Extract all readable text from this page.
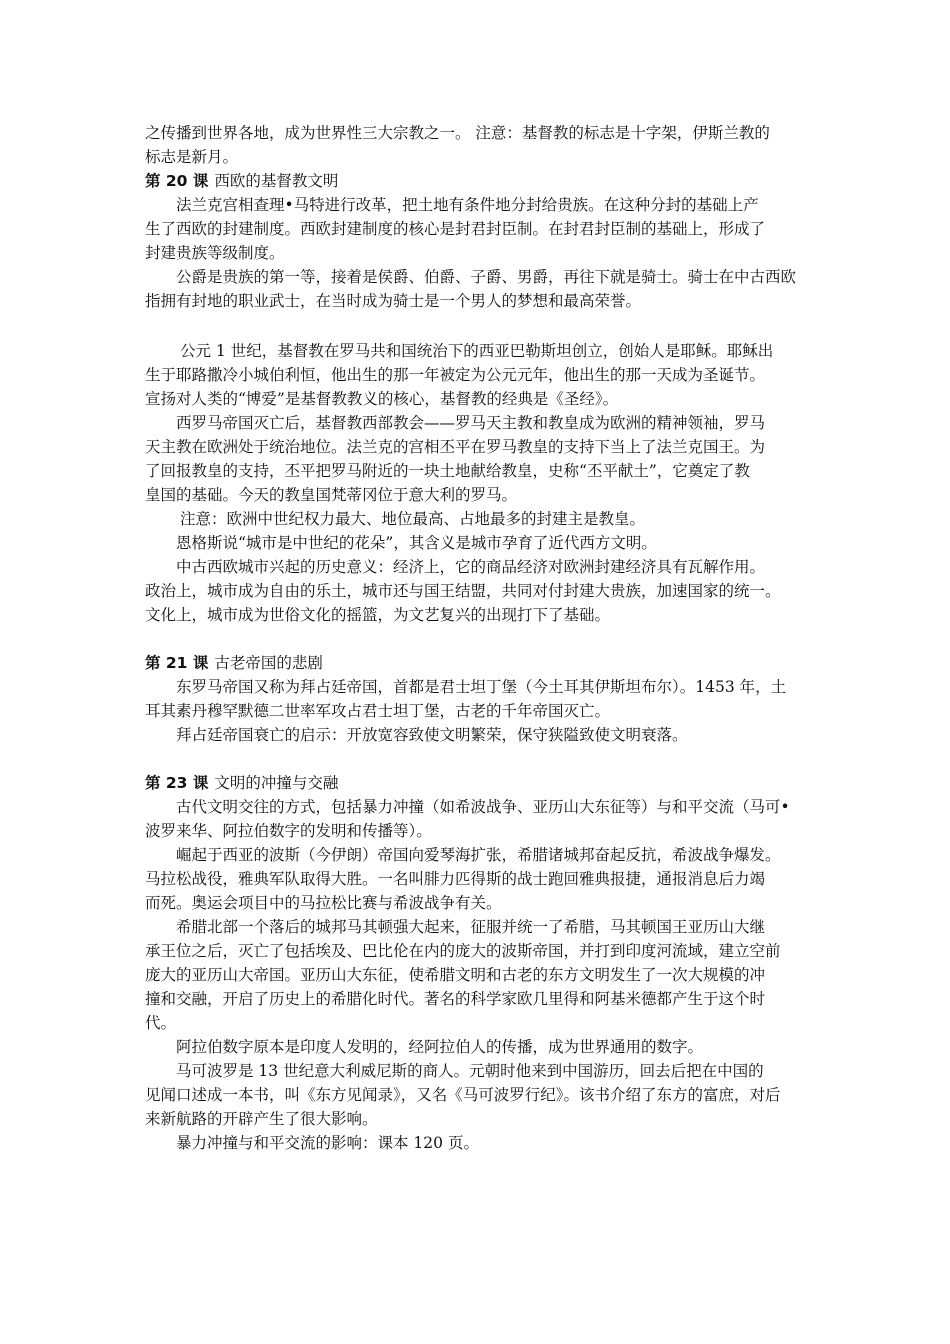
之传播到世界各地，成为世界性三大宗教之一。 注意：基督教的标志是十字架，伊斯兰教的
标志是新月。
第 20 课 西欧的基督教文明
法兰克宫相查理•马特进行改革，把土地有条件地分封给贵族。在这种分封的基础上产
生了西欧的封建制度。西欧封建制度的核心是封君封臣制。在封君封臣制的基础上，形成了
封建贵族等级制度。
公爵是贵族的第一等，接着是侯爵、伯爵、子爵、男爵，再往下就是骑士。骑士在中古西欧
指拥有封地的职业武士，在当时成为骑士是一个男人的梦想和最高荣誉。
公元 1 世纪，基督教在罗马共和国统治下的西亚巴勒斯坦创立，创始人是耶稣。耶稣出
生于耶路撒冷小城伯利恒，他出生的那一年被定为公元元年，他出生的那一天成为圣诞节。
宣扬对人类的“博爱”是基督教教义的核心，基督教的经典是《圣经》。
西罗马帝国灭亡后，基督教西部教会——罗马天主教和教皇成为欧洲的精神领袖，罗马
天主教在欧洲处于统治地位。法兰克的宫相丕平在罗马教皇的支持下当上了法兰克国王。为
了回报教皇的支持，丕平把罗马附近的一块土地献给教皇，史称“丕平献土”，它奠定了教
皇国的基础。今天的教皇国梵蒂冈位于意大利的罗马。
注意：欧洲中世纪权力最大、地位最高、占地最多的封建主是教皇。
恩格斯说“城市是中世纪的花朵”，其含义是城市孕育了近代西方文明。
中古西欧城市兴起的历史意义：经济上，它的商品经济对欧洲封建经济具有瓦解作用。
政治上，城市成为自由的乐土，城市还与国王结盟，共同对付封建大贵族，加速国家的统一。
文化上，城市成为世俗文化的摇篮，为文艺复兴的出现打下了基础。
第 21 课 古老帝国的悲剧
东罗马帝国又称为拜占廷帝国，首都是君士坦丁堡（今土耳其伊斯坦布尔）。1453 年，土
耳其素丹穆罕默德二世率军攻占君士坦丁堡，古老的千年帝国灭亡。
拜占廷帝国衰亡的启示：开放宽容致使文明繁荣，保守狭隘致使文明衰落。
第 23 课 文明的冲撞与交融
古代文明交往的方式，包括暴力冲撞（如希波战争、亚历山大东征等）与和平交流（马可•
波罗来华、阿拉伯数字的发明和传播等）。
崛起于西亚的波斯（今伊朗）帝国向爱琴海扩张，希腊诸城邦奋起反抗，希波战争爆发。
马拉松战役，雅典军队取得大胜。一名叫腓力匹得斯的战士跑回雅典报捷，通报消息后力竭
而死。奥运会项目中的马拉松比赛与希波战争有关。
希腊北部一个落后的城邦马其顿强大起来，征服并统一了希腊，马其顿国王亚历山大继
承王位之后，灭亡了包括埃及、巴比伦在内的庞大的波斯帝国，并打到印度河流域，建立空前
庞大的亚历山大帝国。亚历山大东征，使希腊文明和古老的东方文明发生了一次大规模的冲
撞和交融，开启了历史上的希腊化时代。著名的科学家欧几里得和阿基米德都产生于这个时
代。
阿拉伯数字原本是印度人发明的，经阿拉伯人的传播，成为世界通用的数字。
马可波罗是 13 世纪意大利威尼斯的商人。元朝时他来到中国游历，回去后把在中国的
见闻口述成一本书，叫《东方见闻录》，又名《马可波罗行纪》。该书介绍了东方的富庶，对后
来新航路的开辟产生了很大影响。
暴力冲撞与和平交流的影响：课本 120 页。
